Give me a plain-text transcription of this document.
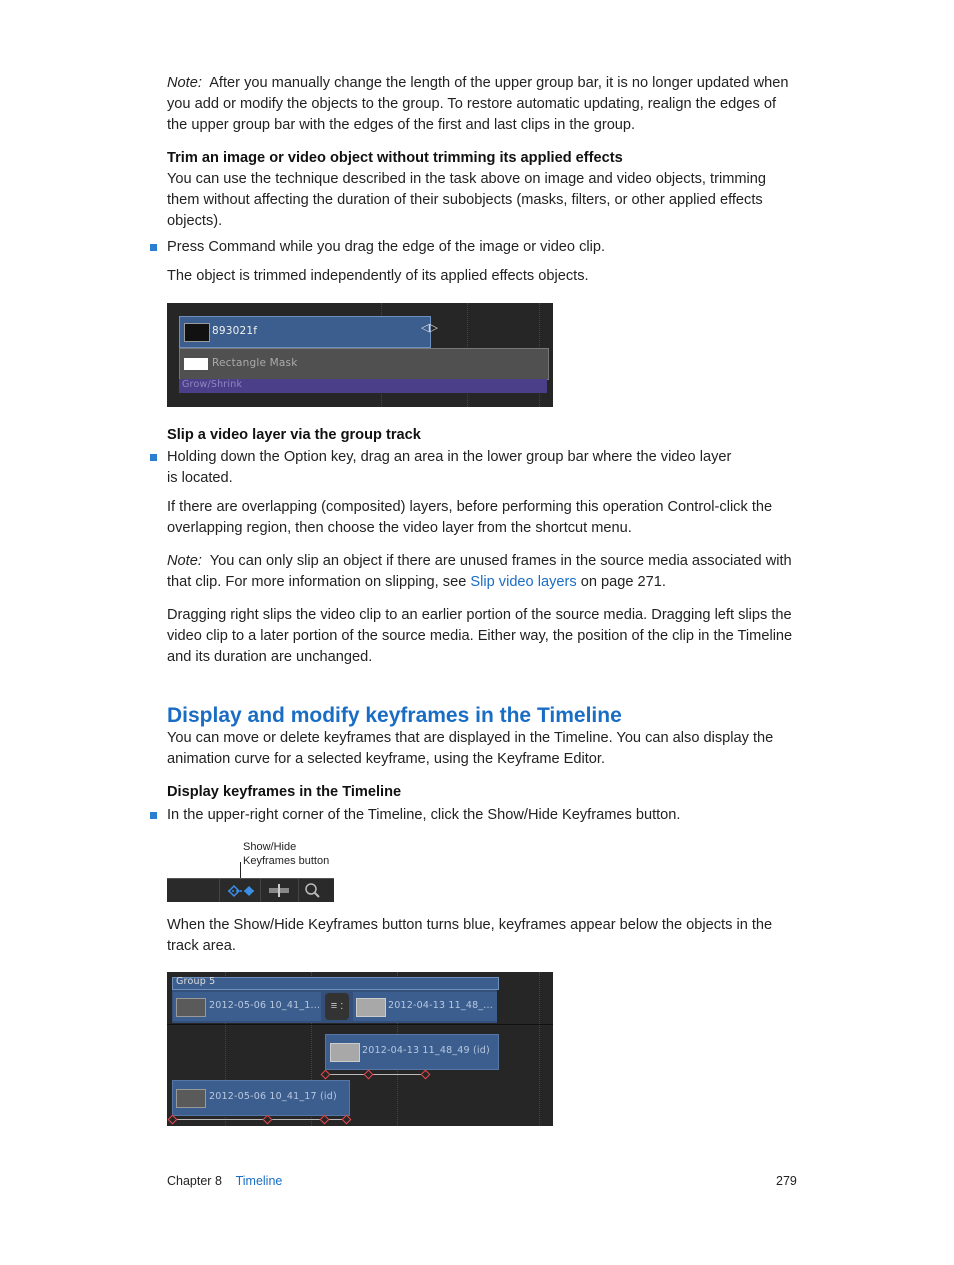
Note: After you manually change the length of the upper group bar, it is no longer updated when you add or modify the objects to the group. To restore automatic updating, realign the edges of the upper group bar with the edges of the first and last clips in the group.

Trim an image or video object without trimming its applied effects

You can use the technique described in the task above on image and video objects, trimming them without affecting the duration of their subobjects (masks, filters, or other applied effects objects).

Press Command while you drag the edge of the image or video clip.

The object is trimmed independently of its applied effects objects.

893021f	◁▷
Rectangle Mask
Grow/Shrink

Slip a video layer via the group track

Holding down the Option key, drag an area in the lower group bar where the video layer
is located.

If there are overlapping (composited) layers, before performing this operation Control-click the overlapping region, then choose the video layer from the shortcut menu.

Note: You can only slip an object if there are unused frames in the source media associated with that clip. For more information on slipping, see Slip video layers on page 271.

Dragging right slips the video clip to an earlier portion of the source media. Dragging left slips the video clip to a later portion of the source media. Either way, the position of the clip in the Timeline and its duration are unchanged.

Display and modify keyframes in the Timeline

You can move or delete keyframes that are displayed in the Timeline. You can also display the animation curve for a selected keyframe, using the Keyframe Editor.

Display keyframes in the Timeline

In the upper-right corner of the Timeline, click the Show/Hide Keyframes button.

Show/Hide
Keyframes button

When the Show/Hide Keyframes button turns blue, keyframes appear below the objects in the track area.

Group 5
2012-05-06 10_41_1... ≡ :	2012-04-13 11_48_...
2012-04-13 11_48_49 (id)
2012-05-06 10_41_17 (id)
Chapter 8 Timeline	279
